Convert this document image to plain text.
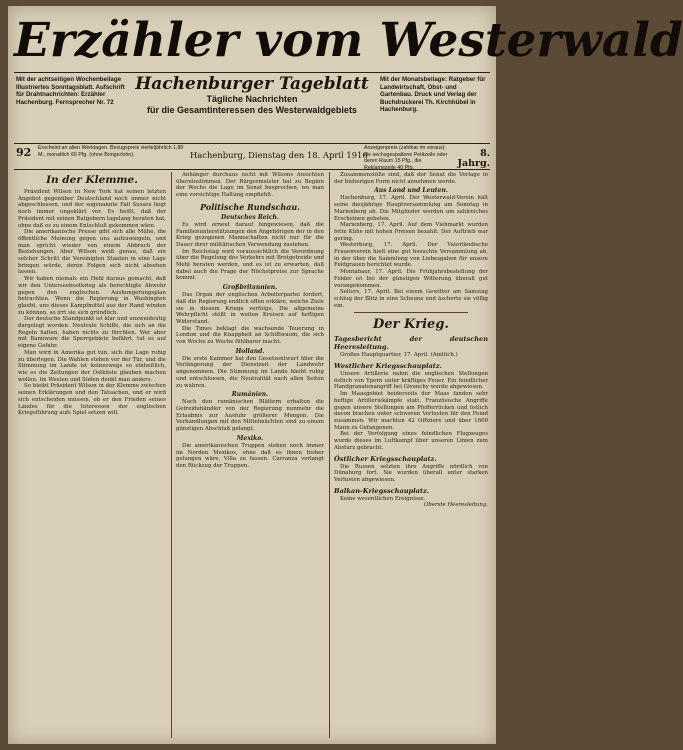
Erzähler vom Westerwald
Mit der achtseitigen Wochenbeilage Illustriertes Sonntagsblatt. Aufschrift für Drahtnachrichten: Erzähler Hachenburg. Fernsprecher Nr. 72
Hachenburger Tageblatt
Tägliche Nachrichten
für die Gesamtinteressen des Westerwaldgebiets
Mit der Monatsbeilage: Ratgeber für Landwirtschaft, Obst- und Gartenbau. Druck und Verlag der Buchdruckerei Th. Kirchhübel in Hachenburg.
92 Erscheint an allen Werktagen. Bezugspreis vierteljährlich 1,80 M., monatlich 60 Pfg. (ohne Bringerlohn).	Hachenburg, Dienstag den 18. April 1916
Anzeigenpreis (zahlbar im voraus): die sechsgespaltene Petitzeile oder deren Raum 15 Pfg., die Reklamezeile 40 Pfg.
8. Jahrg.
In der Klemme.

Präsident Wilson in New York hat seinen letzten Angebot gegenüber Deutschland noch immer nicht abgeschlossen, und der sogenannte Fall Sussex liegt noch immer ungeklärt vor. Es heißt, daß der Präsident mit seinen Ratgebern tagelang beraten hat, ohne daß es zu einem Entschluß gekommen wäre.

Die amerikanische Presse gibt sich alle Mühe, die öffentliche Meinung gegen uns aufzuwiegeln, und man spricht wieder von einem Abbruch der Beziehungen. Aber Wilson weiß genau, daß ein solcher Schritt die Vereinigten Staaten in eine Lage bringen würde, deren Folgen sich nicht absehen lassen.

Wir haben niemals ein Hehl daraus gemacht, daß wir den Unterseebootkrieg als berechtigte Abwehr gegen den englischen Aushungerungsplan betrachten. Wenn die Regierung in Washington glaubt, uns dieses Kampfmittel aus der Hand winden zu können, so irrt sie sich gründlich.

Der deutsche Standpunkt ist klar und unzweideutig dargelegt worden. Neutrale Schiffe, die sich an die Regeln halten, haben nichts zu fürchten. Wer aber mit Bannware die Sperrgebiete befährt, tut es auf eigene Gefahr.

Man wird in Amerika gut tun, sich die Lage ruhig zu überlegen. Die Wahlen stehen vor der Tür, und die Stimmung im Lande ist keineswegs so einheitlich, wie es die Zeitungen der Ostküste glauben machen wollen. Im Westen und Süden denkt man anders.

So bleibt Präsident Wilson in der Klemme zwischen seinen Erklärungen und den Tatsachen, und er wird sich entscheiden müssen, ob er den Frieden seines Landes für die Interessen der englischen Kriegsführung aufs Spiel setzen will.

Anhänger durchaus nicht mit Wilsons Ansichten übereinstimmen. Der Bürgermeister hat zu Beginn der Woche die Lage im Senat besprochen, wo man eine vorsichtige Haltung empfiehlt.

Politische Rundschau.
Deutsches Reich.

Es wird erneut darauf hingewiesen, daß die Familienunterstützungen den Angehörigen der in den Krieg gezogenen Mannschaften nicht nur für die Dauer ihrer militärischen Verwendung zustehen.

Im Reichstag wird voraussichtlich die Verordnung über die Regelung des Verkehrs mit Brotgetreide und Mehl beraten werden, und es ist zu erwarten, daß dabei auch die Frage der Höchstpreise zur Sprache kommt.

Großbritannien.

Das Organ der englischen Arbeiterpartei fordert, daß die Regierung endlich offen erkläre, welche Ziele sie in diesem Kriege verfolge. Die allgemeine Wehrpflicht stößt in weiten Kreisen auf heftigen Widerstand.

Die Times beklagt die wachsende Teuerung in London und die Knappheit an Schiffsraum, die sich von Woche zu Woche fühlbarer macht.

Holland.

Die erste Kammer hat den Gesetzentwurf über die Verlängerung der Dienstzeit der Landwehr angenommen. Die Stimmung im Lande bleibt ruhig und entschlossen, die Neutralität nach allen Seiten zu wahren.

Rumänien.

Nach den rumänischen Blättern erhalten die Getreidehändler von der Regierung nunmehr die Erlaubnis zur Ausfuhr größerer Mengen. Die Verhandlungen mit den Mittelmächten sind zu einem günstigen Abschluß gelangt.

Mexiko.

Die amerikanischen Truppen stehen noch immer im Norden Mexikos, ohne daß es ihnen bisher gelungen wäre, Villa zu fassen. Carranza verlangt den Rückzug der Truppen.

Zusammenstöße sind, daß der Senat die Vorlage in der bisherigen Form nicht annehmen werde.

Aus Land und Leuten.

Hachenburg, 17. April. Der Westerwald-Verein hält seine diesjährige Hauptversammlung am Sonntag in Marienberg ab. Die Mitglieder werden um zahlreiches Erscheinen gebeten.

Marienberg, 17. April. Auf dem Viehmarkt wurden fette Kühe mit hohen Preisen bezahlt. Der Auftrieb war gering.

Westerburg, 17. April. Der Vaterländische Frauenverein hielt eine gut besuchte Versammlung ab, in der über die Sammlung von Liebesgaben für unsere Feldgrauen berichtet wurde.

Montabaur, 17. April. Die Frühjahrsbestellung der Felder ist bei der günstigen Witterung überall gut vorangekommen.

Selters, 17. April. Bei einem Gewitter am Samstag schlug der Blitz in eine Scheune und äscherte sie völlig ein.

Der Krieg.

Tagesbericht der deutschen Heeresleitung.

Großes Hauptquartier, 17. April. (Amtlich.)

Westlicher Kriegsschauplatz.

Unsere Artillerie nahm die englischen Stellungen östlich von Ypern unter kräftiges Feuer. Ein feindlicher Handgranatenangriff bei Givenchy wurde abgewiesen.

Im Maasgebiet beiderseits der Maas fanden sehr heftige Artilleriekämpfe statt. Französische Angriffe gegen unsere Stellungen am Pfefferrücken und östlich davon brachen unter schweren Verlusten für den Feind zusammen. Wir machten 42 Offiziere und über 1600 Mann zu Gefangenen.

Bei der Verfolgung eines feindlichen Flugzeuges wurde dieses im Luftkampf über unseren Linien zum Absturz gebracht.

Östlicher Kriegsschauplatz.

Die Russen setzten ihre Angriffe nördlich von Dünaburg fort. Sie wurden überall unter starken Verlusten abgewiesen.

Balkan-Kriegsschauplatz.

Keine wesentlichen Ereignisse.

Oberste Heeresleitung.
